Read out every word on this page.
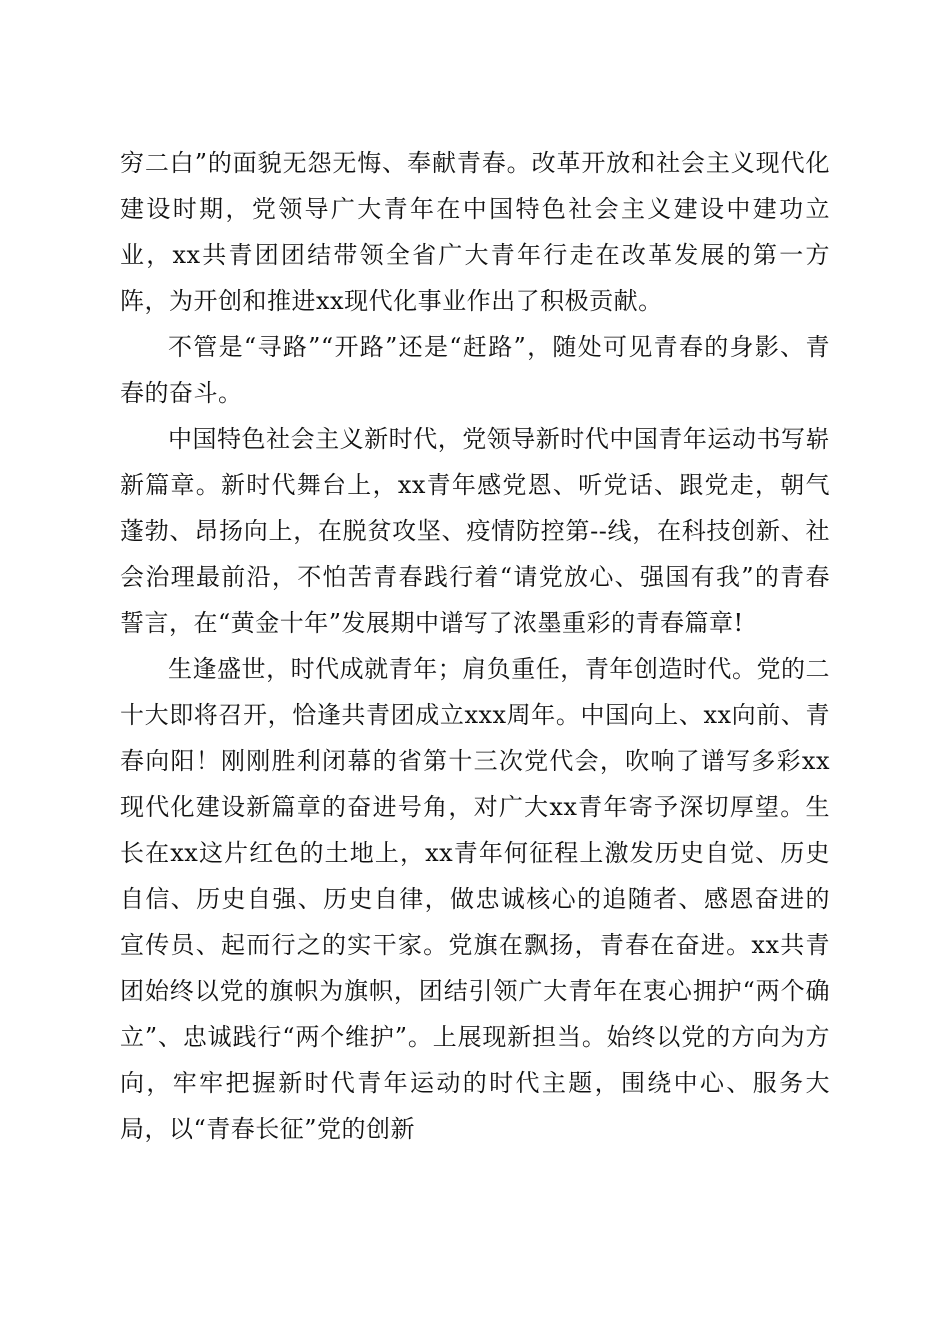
穷二白”的面貌无怨无悔、奉献青春。改革开放和社会主义现代化建设时期，党领导广大青年在中国特色社会主义建设中建功立业，xx共青团团结带领全省广大青年行走在改革发展的第一方阵，为开创和推进xx现代化事业作出了积极贡献。

不管是“寻路”“开路”还是“赶路”，随处可见青春的身影、青春的奋斗。

中国特色社会主义新时代，党领导新时代中国青年运动书写崭新篇章。新时代舞台上，xx青年感党恩、听党话、跟党走，朝气蓬勃、昂扬向上，在脱贫攻坚、疫情防控第--线，在科技创新、社会治理最前沿，不怕苦青春践行着“请党放心、强国有我”的青春誓言，在“黄金十年”发展期中谱写了浓墨重彩的青春篇章!

生逢盛世，时代成就青年；肩负重任，青年创造时代。党的二十大即将召开，恰逢共青团成立xxx周年。中国向上、xx向前、青春向阳！刚刚胜利闭幕的省第十三次党代会，吹响了谱写多彩xx现代化建设新篇章的奋进号角，对广大xx青年寄予深切厚望。生长在xx这片红色的土地上，xx青年何征程上激发历史自觉、历史自信、历史自强、历史自律，做忠诚核心的追随者、感恩奋进的宣传员、起而行之的实干家。党旗在飘扬，青春在奋进。xx共青团始终以党的旗帜为旗帜，团结引领广大青年在衷心拥护“两个确立”、忠诚践行“两个维护”。上展现新担当。始终以党的方向为方向，牢牢把握新时代青年运动的时代主题，围绕中心、服务大局，以“青春长征”党的创新
